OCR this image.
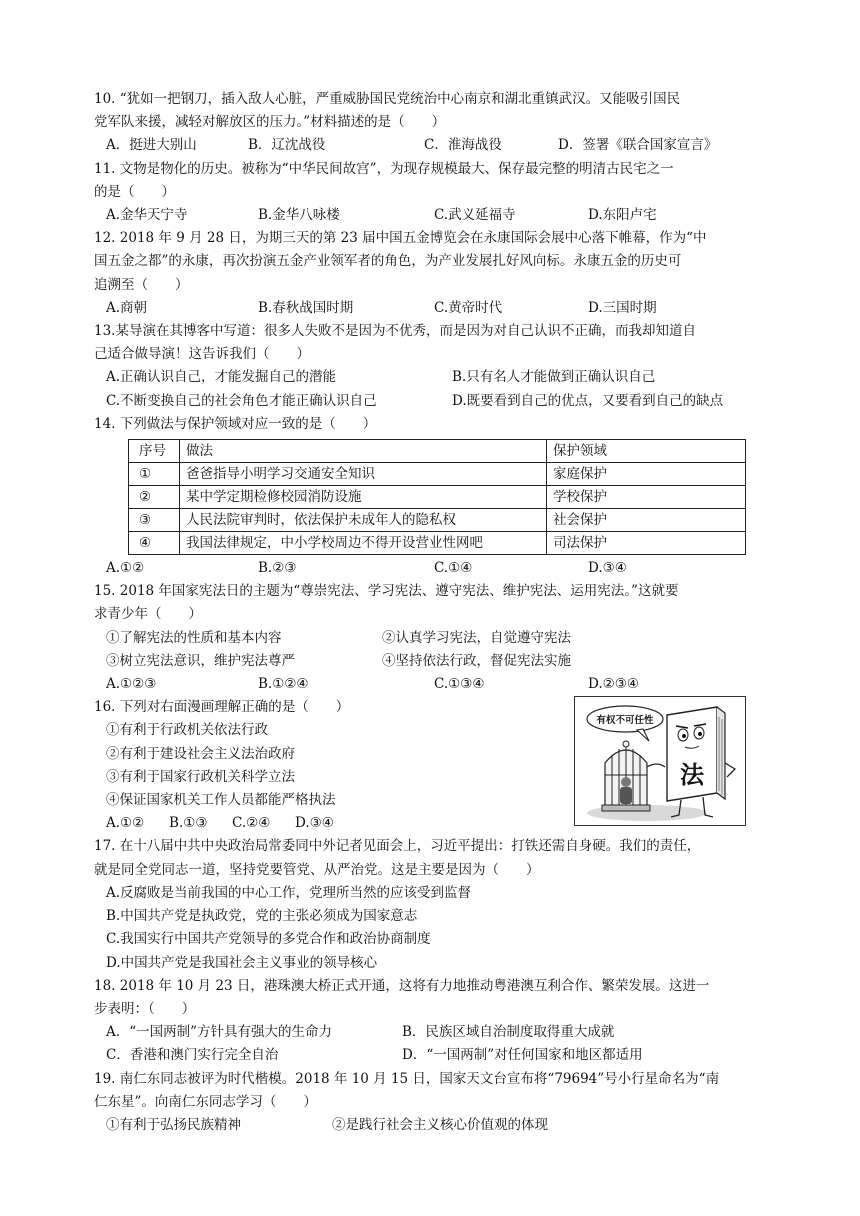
10. “犹如一把钢刀，插入敌人心脏，严重威胁国民党统治中心南京和湖北重镇武汉。又能吸引国民
党军队来援，减轻对解放区的压力。”材料描述的是（　　）
A．挺进大别山	B．辽沈战役	C．淮海战役	D．签署《联合国家宣言》
11. 文物是物化的历史。被称为“中华民间故宫”，为现存规模最大、保存最完整的明清古民宅之一
的是（　　）
A.金华天宁寺	B.金华八咏楼	C.武义延福寺	D.东阳卢宅
12. 2018 年 9 月 28 日，为期三天的第 23 届中国五金博览会在永康国际会展中心落下帷幕，作为“中
国五金之都”的永康，再次扮演五金产业领军者的角色，为产业发展扎好风向标。永康五金的历史可
追溯至（　　）
A.商朝	B.春秋战国时期	C.黄帝时代	D.三国时期
13.某导演在其博客中写道：很多人失败不是因为不优秀，而是因为对自己认识不正确，而我却知道自
己适合做导演！这告诉我们（　　）
A.正确认识自己，才能发掘自己的潜能	B.只有名人才能做到正确认识自己
C.不断变换自己的社会角色才能正确认识自己	D.既要看到自己的优点，又要看到自己的缺点
14. 下列做法与保护领域对应一致的是（　　）
序号	做法	保护领域
①	爸爸指导小明学习交通安全知识	家庭保护
②	某中学定期检修校园消防设施	学校保护
③	人民法院审判时，依法保护未成年人的隐私权	社会保护
④	我国法律规定，中小学校周边不得开设营业性网吧	司法保护
A.①②	B.②③	C.①④	D.③④
15. 2018 年国家宪法日的主题为“尊崇宪法、学习宪法、遵守宪法、维护宪法、运用宪法。”这就要
求青少年（　　）
①了解宪法的性质和基本内容	②认真学习宪法，自觉遵守宪法
③树立宪法意识，维护宪法尊严	④坚持依法行政，督促宪法实施
A.①②③	B.①②④	C.①③④	D.②③④
16. 下列对右面漫画理解正确的是（　　）
①有利于行政机关依法行政
②有利于建设社会主义法治政府
③有利于国家行政机关科学立法
④保证国家机关工作人员都能严格执法
A.①②	B.①③	C.②④	D.③④
有权不可任性
法
17. 在十八届中共中央政治局常委同中外记者见面会上，习近平提出：打铁还需自身硬。我们的责任，
就是同全党同志一道，坚持党要管党、从严治党。这是主要是因为（　　）
A.反腐败是当前我国的中心工作，党理所当然的应该受到监督
B.中国共产党是执政党，党的主张必须成为国家意志
C.我国实行中国共产党领导的多党合作和政治协商制度
D.中国共产党是我国社会主义事业的领导核心
18. 2018 年 10 月 23 日，港珠澳大桥正式开通，这将有力地推动粤港澳互利合作、繁荣发展。这进一
步表明：（　　）
A．“一国两制”方针具有强大的生命力	B．民族区域自治制度取得重大成就
C．香港和澳门实行完全自治	D．“一国两制”对任何国家和地区都适用
19. 南仁东同志被评为时代楷模。2018 年 10 月 15 日，国家天文台宣布将“79694”号小行星命名为“南
仁东星”。向南仁东同志学习（　　）
①有利于弘扬民族精神	②是践行社会主义核心价值观的体现
